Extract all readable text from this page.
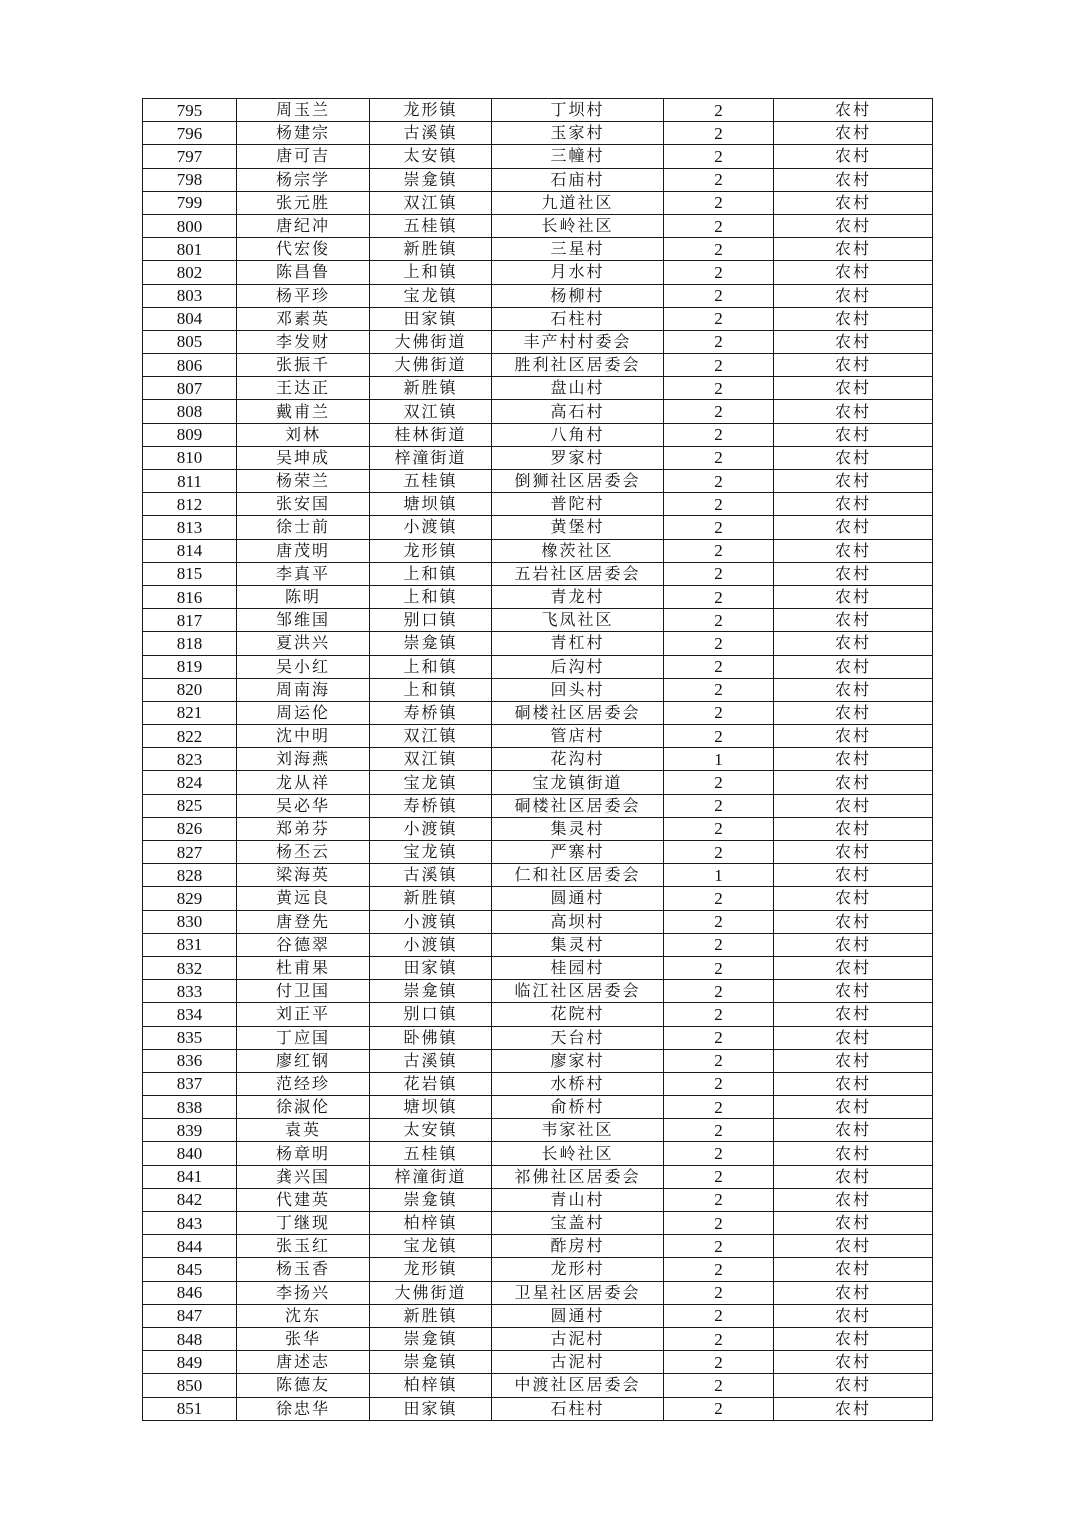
795	周玉兰	龙形镇	丁坝村	2	农村
796	杨建宗	古溪镇	玉家村	2	农村
797	唐可吉	太安镇	三幢村	2	农村
798	杨宗学	崇龛镇	石庙村	2	农村
799	张元胜	双江镇	九道社区	2	农村
800	唐纪冲	五桂镇	长岭社区	2	农村
801	代宏俊	新胜镇	三星村	2	农村
802	陈昌鲁	上和镇	月水村	2	农村
803	杨平珍	宝龙镇	杨柳村	2	农村
804	邓素英	田家镇	石柱村	2	农村
805	李发财	大佛街道	丰产村村委会	2	农村
806	张振千	大佛街道	胜利社区居委会	2	农村
807	王达正	新胜镇	盘山村	2	农村
808	戴甫兰	双江镇	高石村	2	农村
809	刘林	桂林街道	八角村	2	农村
810	吴坤成	梓潼街道	罗家村	2	农村
811	杨荣兰	五桂镇	倒狮社区居委会	2	农村
812	张安国	塘坝镇	普陀村	2	农村
813	徐士前	小渡镇	黄堡村	2	农村
814	唐茂明	龙形镇	橡茨社区	2	农村
815	李真平	上和镇	五岩社区居委会	2	农村
816	陈明	上和镇	青龙村	2	农村
817	邹维国	别口镇	飞凤社区	2	农村
818	夏洪兴	崇龛镇	青杠村	2	农村
819	吴小红	上和镇	后沟村	2	农村
820	周南海	上和镇	回头村	2	农村
821	周运伦	寿桥镇	硐楼社区居委会	2	农村
822	沈中明	双江镇	管店村	2	农村
823	刘海燕	双江镇	花沟村	1	农村
824	龙从祥	宝龙镇	宝龙镇街道	2	农村
825	吴必华	寿桥镇	硐楼社区居委会	2	农村
826	郑弟芬	小渡镇	集灵村	2	农村
827	杨丕云	宝龙镇	严寨村	2	农村
828	梁海英	古溪镇	仁和社区居委会	1	农村
829	黄远良	新胜镇	圆通村	2	农村
830	唐登先	小渡镇	高坝村	2	农村
831	谷德翠	小渡镇	集灵村	2	农村
832	杜甫果	田家镇	桂园村	2	农村
833	付卫国	崇龛镇	临江社区居委会	2	农村
834	刘正平	别口镇	花院村	2	农村
835	丁应国	卧佛镇	天台村	2	农村
836	廖红钢	古溪镇	廖家村	2	农村
837	范经珍	花岩镇	水桥村	2	农村
838	徐淑伦	塘坝镇	俞桥村	2	农村
839	袁英	太安镇	韦家社区	2	农村
840	杨章明	五桂镇	长岭社区	2	农村
841	龚兴国	梓潼街道	祁佛社区居委会	2	农村
842	代建英	崇龛镇	青山村	2	农村
843	丁继现	柏梓镇	宝盖村	2	农村
844	张玉红	宝龙镇	酢房村	2	农村
845	杨玉香	龙形镇	龙形村	2	农村
846	李扬兴	大佛街道	卫星社区居委会	2	农村
847	沈东	新胜镇	圆通村	2	农村
848	张华	崇龛镇	古泥村	2	农村
849	唐述志	崇龛镇	古泥村	2	农村
850	陈德友	柏梓镇	中渡社区居委会	2	农村
851	徐忠华	田家镇	石柱村	2	农村
